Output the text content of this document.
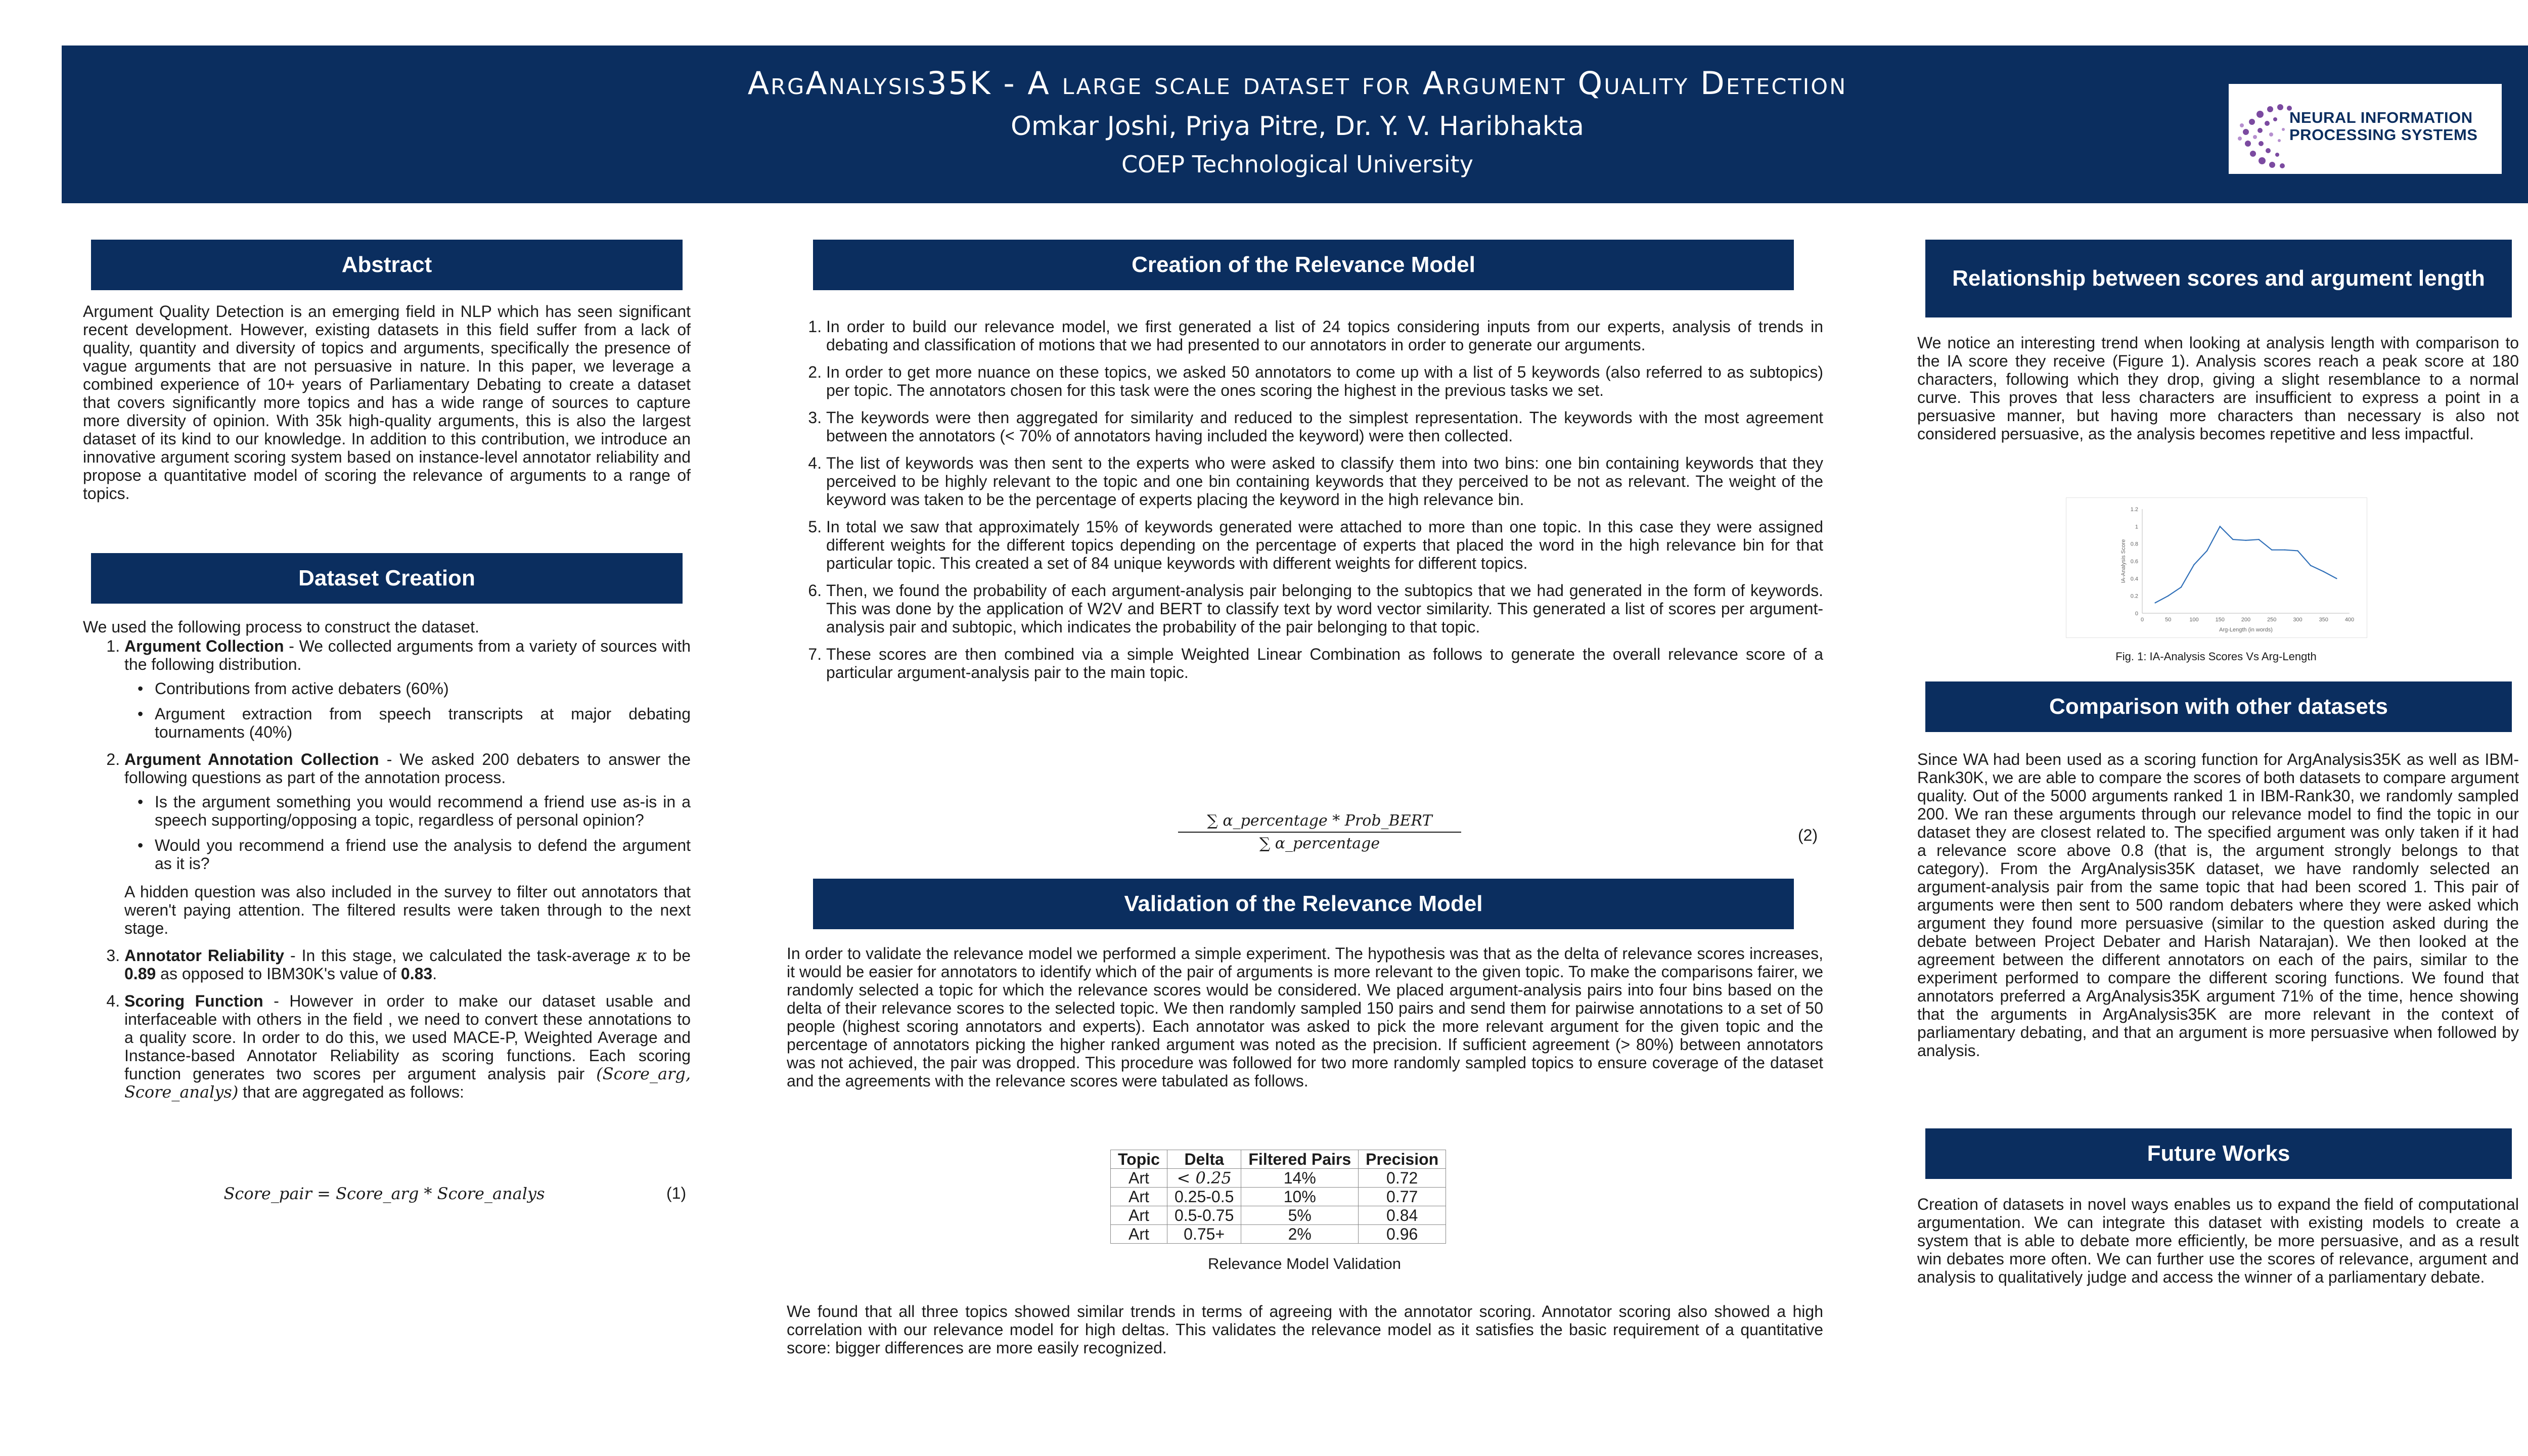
ArgAnalysis35K - A large scale dataset for Argument Quality Detection
Omkar Joshi, Priya Pitre, Dr. Y. V. Haribhakta
COEP Technological University
NEURAL INFORMATION
PROCESSING SYSTEMS
Abstract

Argument Quality Detection is an emerging field in NLP which has seen significant recent development. However, existing datasets in this field suffer from a lack of quality, quantity and diversity of topics and arguments, specifically the presence of vague arguments that are not persuasive in nature. In this paper, we leverage a combined experience of 10+ years of Parliamentary Debating to create a dataset that covers significantly more topics and has a wide range of sources to capture more diversity of opinion. With 35k high-quality arguments, this is also the largest dataset of its kind to our knowledge. In addition to this contribution, we introduce an innovative argument scoring system based on instance-level annotator reliability and propose a quantitative model of scoring the relevance of arguments to a range of topics.

Dataset Creation

We used the following process to construct the dataset.

1. Argument Collection - We collected arguments from a variety of sources with the following distribution.
• Contributions from active debaters (60%)
• Argument extraction from speech transcripts at major debating tournaments (40%)
2. Argument Annotation Collection - We asked 200 debaters to answer the following questions as part of the annotation process.
• Is the argument something you would recommend a friend use as-is in a speech supporting/opposing a topic, regardless of personal opinion?
• Would you recommend a friend use the analysis to defend the argument as it is?

A hidden question was also included in the survey to filter out annotators that weren't paying attention. The filtered results were taken through to the next stage.

3. Annotator Reliability - In this stage, we calculated the task-average κ to be 0.89 as opposed to IBM30K's value of 0.83.
4. Scoring Function - However in order to make our dataset usable and interfaceable with others in the field , we need to convert these annotations to a quality score. In order to do this, we used MACE-P, Weighted Average and Instance-based Annotator Reliability as scoring functions. Each scoring function generates two scores per argument analysis pair (Score_arg, Score_analys) that are aggregated as follows:
Score_pair = Score_arg * Score_analys	(1)
Creation of the Relevance Model
1. In order to build our relevance model, we first generated a list of 24 topics considering inputs from our experts, analysis of trends in debating and classification of motions that we had presented to our annotators in order to generate our arguments.
2. In order to get more nuance on these topics, we asked 50 annotators to come up with a list of 5 keywords (also referred to as subtopics) per topic. The annotators chosen for this task were the ones scoring the highest in the previous tasks we set.
3. The keywords were then aggregated for similarity and reduced to the simplest representation. The keywords with the most agreement between the annotators (< 70% of annotators having included the keyword) were then collected.
4. The list of keywords was then sent to the experts who were asked to classify them into two bins: one bin containing keywords that they perceived to be highly relevant to the topic and one bin containing keywords that they perceived to be not as relevant. The weight of the keyword was taken to be the percentage of experts placing the keyword in the high relevance bin.
5. In total we saw that approximately 15% of keywords generated were attached to more than one topic. In this case they were assigned different weights for the different topics depending on the percentage of experts that placed the word in the high relevance bin for that particular topic. This created a set of 84 unique keywords with different weights for different topics.
6. Then, we found the probability of each argument-analysis pair belonging to the subtopics that we had generated in the form of keywords. This was done by the application of W2V and BERT to classify text by word vector similarity. This generated a list of scores per argument-analysis pair and subtopic, which indicates the probability of the pair belonging to that topic.
7. These scores are then combined via a simple Weighted Linear Combination as follows to generate the overall relevance score of a particular argument-analysis pair to the main topic.
∑ α_percentage * Prob_BERT
∑ α_percentage	(2)
Validation of the Relevance Model

In order to validate the relevance model we performed a simple experiment. The hypothesis was that as the delta of relevance scores increases, it would be easier for annotators to identify which of the pair of arguments is more relevant to the given topic. To make the comparisons fairer, we randomly selected a topic for which the relevance scores would be considered. We placed argument-analysis pairs into four bins based on the delta of their relevance scores to the selected topic. We then randomly sampled 150 pairs and send them for pairwise annotations to a set of 50 people (highest scoring annotators and experts). Each annotator was asked to pick the more relevant argument for the given topic and the percentage of annotators picking the higher ranked argument was noted as the precision. If sufficient agreement (> 80%) between annotators was not achieved, the pair was dropped. This procedure was followed for two more randomly sampled topics to ensure coverage of the dataset and the agreements with the relevance scores were tabulated as follows.

Topic	Delta	Filtered Pairs	Precision
Art	< 0.25	14%	0.72
Art	0.25-0.5	10%	0.77
Art	0.5-0.75	5%	0.84
Art	0.75+	2%	0.96
Relevance Model Validation

We found that all three topics showed similar trends in terms of agreeing with the annotator scoring. Annotator scoring also showed a high correlation with our relevance model for high deltas. This validates the relevance model as it satisfies the basic requirement of a quantitative score: bigger differences are more easily recognized.

Relationship between scores and argument length

We notice an interesting trend when looking at analysis length with comparison to the IA score they receive (Figure 1). Analysis scores reach a peak score at 180 characters, following which they drop, giving a slight resemblance to a normal curve. This proves that less characters are insufficient to express a point in a persuasive manner, but having more characters than necessary is also not considered persuasive, as the analysis becomes repetitive and less impactful.

0
0.2
0.4
0.6
0.8
1
1.2
0	50	100	150	200	250	300	350	400
Arg-Length (in words)
IA-Analysis Score
Fig. 1: IA-Analysis Scores Vs Arg-Length
Comparison with other datasets

Since WA had been used as a scoring function for ArgAnalysis35K as well as IBM-Rank30K, we are able to compare the scores of both datasets to compare argument quality. Out of the 5000 arguments ranked 1 in IBM-Rank30, we randomly sampled 200. We ran these arguments through our relevance model to find the topic in our dataset they are closest related to. The specified argument was only taken if it had a relevance score above 0.8 (that is, the argument strongly belongs to that category). From the ArgAnalysis35K dataset, we have randomly selected an argument-analysis pair from the same topic that had been scored 1. This pair of arguments were then sent to 500 random debaters where they were asked which argument they found more persuasive (similar to the question asked during the debate between Project Debater and Harish Natarajan). We then looked at the agreement between the different annotators on each of the pairs, similar to the experiment performed to compare the different scoring functions. We found that annotators preferred a ArgAnalysis35K argument 71% of the time, hence showing that the arguments in ArgAnalysis35K are more relevant in the context of parliamentary debating, and that an argument is more persuasive when followed by analysis.

Future Works

Creation of datasets in novel ways enables us to expand the field of computational argumentation. We can integrate this dataset with existing models to create a system that is able to debate more efficiently, be more persuasive, and as a result win debates more often. We can further use the scores of relevance, argument and analysis to qualitatively judge and access the winner of a parliamentary debate.
